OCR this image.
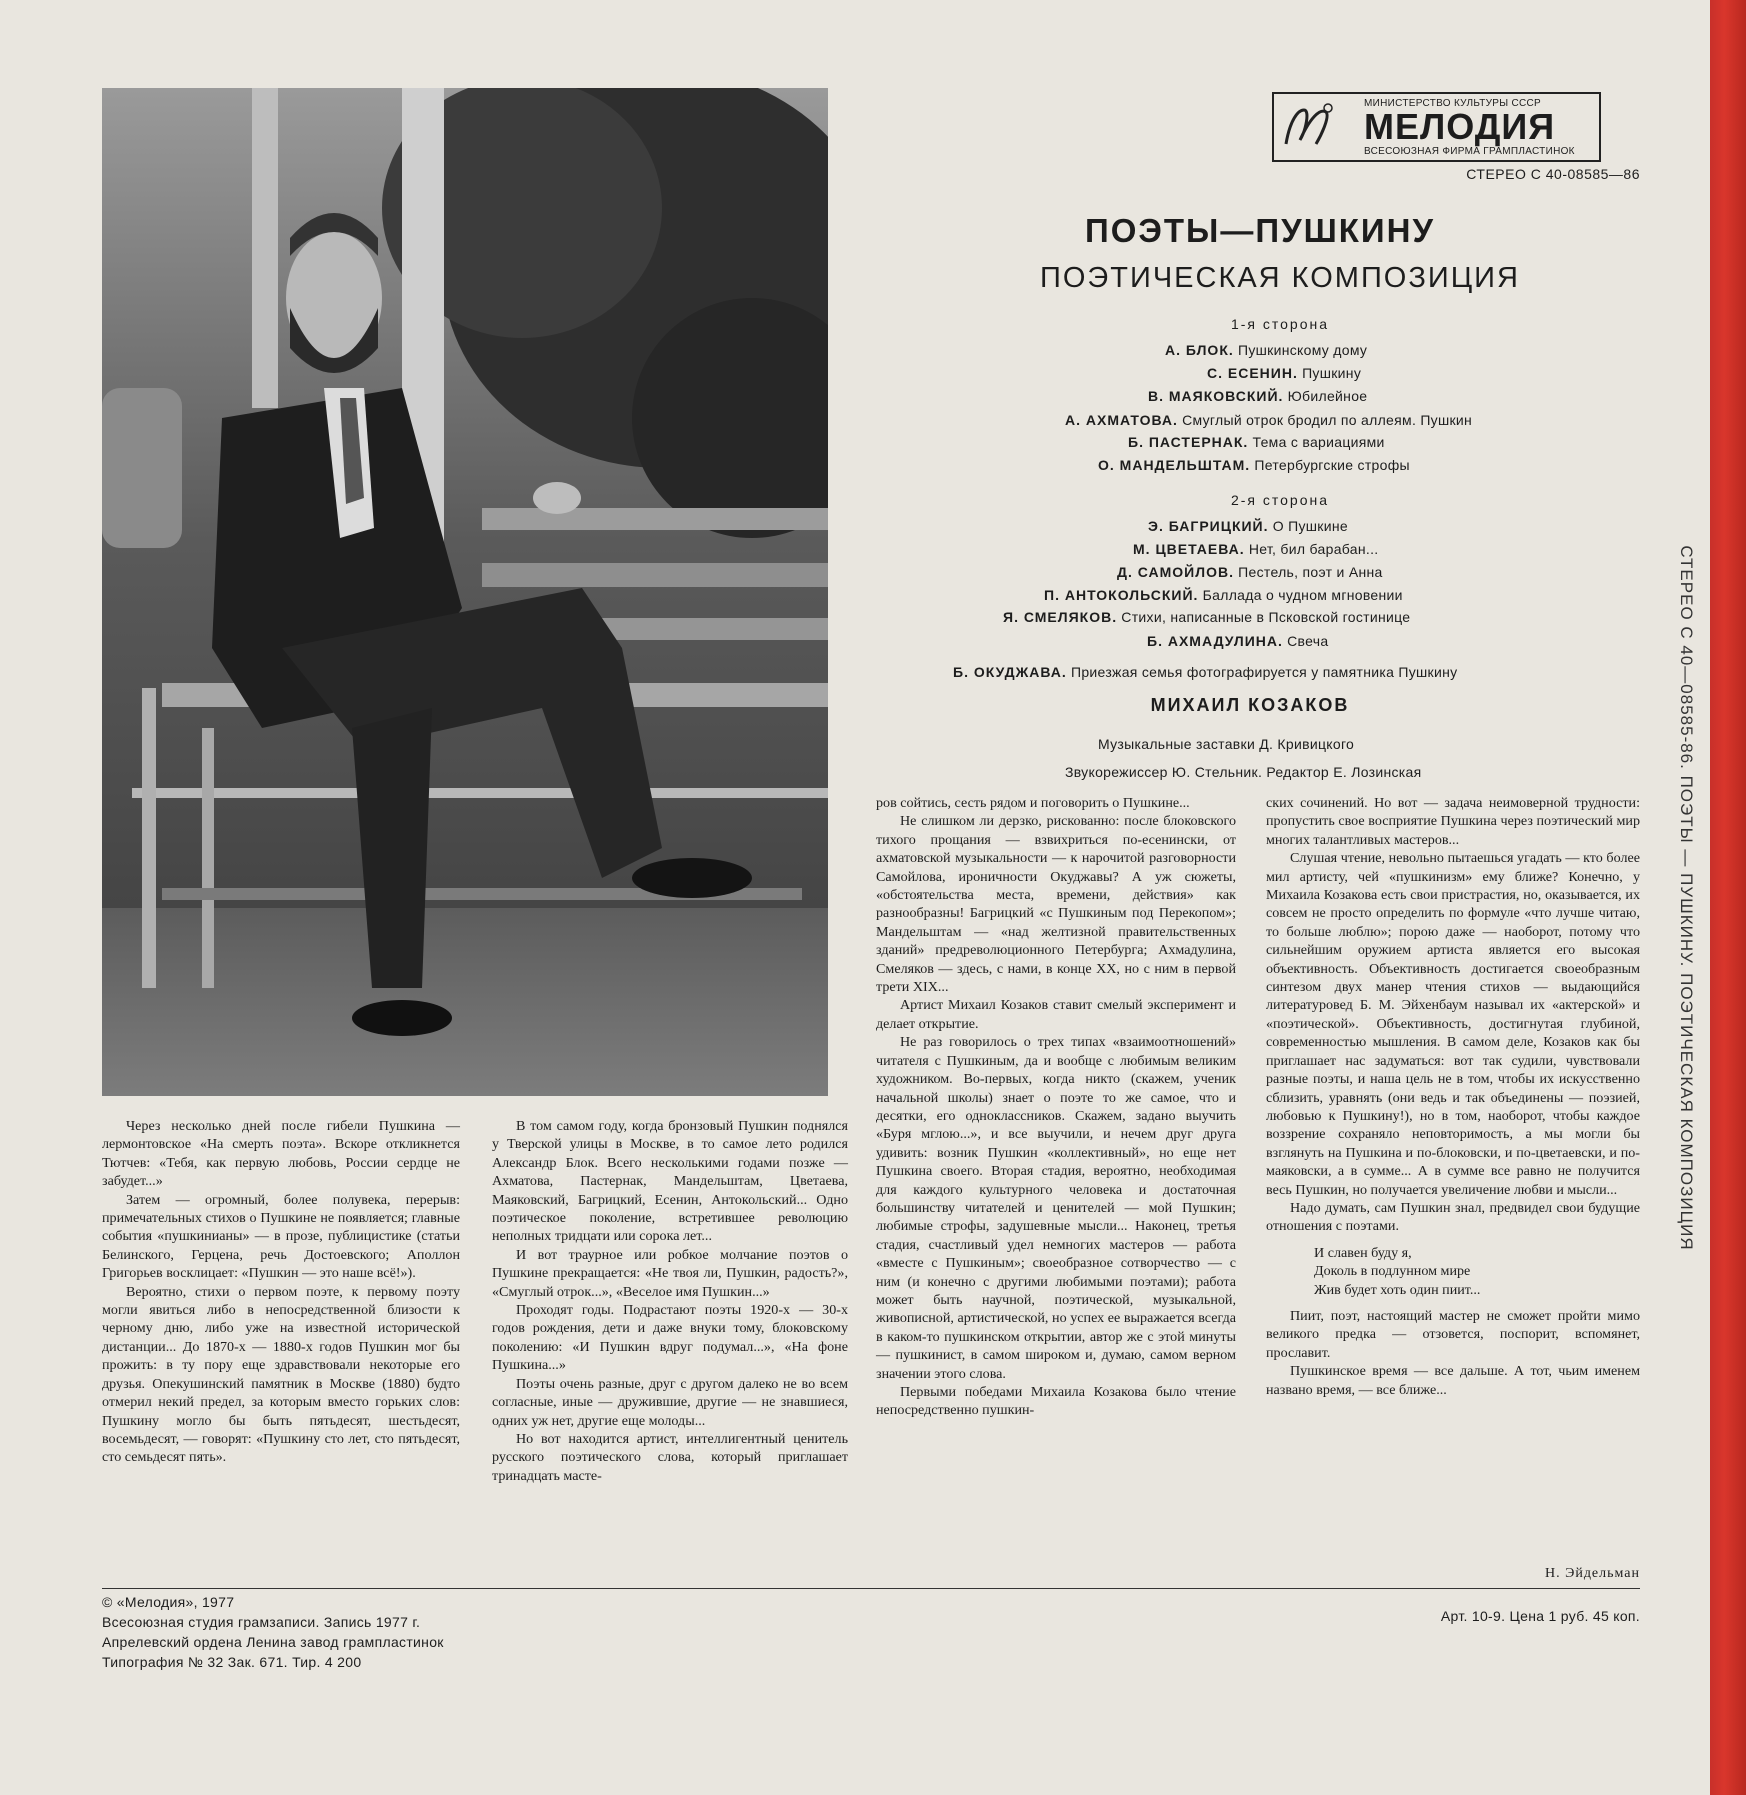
МИНИСТЕРСТВО КУЛЬТУРЫ СССР
МЕЛОДИЯ
ВСЕСОЮЗНАЯ ФИРМА ГРАМПЛАСТИНОК
СТЕРЕО С 40-08585—86
ПОЭТЫ—ПУШКИНУ
ПОЭТИЧЕСКАЯ КОМПОЗИЦИЯ
1-я сторона
А. БЛОК. Пушкинскому дому
С. ЕСЕНИН. Пушкину
В. МАЯКОВСКИЙ. Юбилейное
А. АХМАТОВА. Смуглый отрок бродил по аллеям. Пушкин
Б. ПАСТЕРНАК. Тема с вариациями
О. МАНДЕЛЬШТАМ. Петербургские строфы
2-я сторона
Э. БАГРИЦКИЙ. О Пушкине
М. ЦВЕТАЕВА. Нет, бил барабан...
Д. САМОЙЛОВ. Пестель, поэт и Анна
П. АНТОКОЛЬСКИЙ. Баллада о чудном мгновении
Я. СМЕЛЯКОВ. Стихи, написанные в Псковской гостинице
Б. АХМАДУЛИНА. Свеча
Б. ОКУДЖАВА. Приезжая семья фотографируется у памятника Пушкину
МИХАИЛ КОЗАКОВ
Музыкальные заставки Д. Кривицкого
Звукорежиссер Ю. Стельник. Редактор Е. Лозинская

Через несколько дней после гибели Пушкина — лермонтовское «На смерть поэта». Вскоре откликнется Тютчев: «Тебя, как первую любовь, России сердце не забудет...»

Затем — огромный, более полувека, перерыв: примечательных стихов о Пушкине не появляется; главные события «пушкинианы» — в прозе, публицистике (статьи Белинского, Герцена, речь Достоевского; Аполлон Григорьев восклицает: «Пушкин — это наше всё!»).

Вероятно, стихи о первом поэте, к первому поэту могли явиться либо в непосредственной близости к черному дню, либо уже на известной исторической дистанции... До 1870-х — 1880-х годов Пушкин мог бы прожить: в ту пору еще здравствовали некоторые его друзья. Опекушинский памятник в Москве (1880) будто отмерил некий предел, за которым вместо горьких слов: Пушкину могло бы быть пятьдесят, шестьдесят, восемьдесят, — говорят: «Пушкину сто лет, сто пятьдесят, сто семьдесят пять».

В том самом году, когда бронзовый Пушкин поднялся у Тверской улицы в Москве, в то самое лето родился Александр Блок. Всего несколькими годами позже — Ахматова, Пастернак, Мандельштам, Цветаева, Маяковский, Багрицкий, Есенин, Антокольский... Одно поэтическое поколение, встретившее революцию неполных тридцати или сорока лет...

И вот траурное или робкое молчание поэтов о Пушкине прекращается: «Не твоя ли, Пушкин, радость?», «Смуглый отрок...», «Веселое имя Пушкин...»

Проходят годы. Подрастают поэты 1920-х — 30-х годов рождения, дети и даже внуки тому, блоковскому поколению: «И Пушкин вдруг подумал...», «На фоне Пушкина...»

Поэты очень разные, друг с другом далеко не во всем согласные, иные — дружившие, другие — не знавшиеся, одних уж нет, другие еще молоды...

Но вот находится артист, интеллигентный ценитель русского поэтического слова, который приглашает тринадцать масте-

ров сойтись, сесть рядом и поговорить о Пушкине...

Не слишком ли дерзко, рискованно: после блоковского тихого прощания — взвихриться по-есенински, от ахматовской музыкальности — к нарочитой разговорности Самойлова, ироничности Окуджавы? А уж сюжеты, «обстоятельства места, времени, действия» как разнообразны! Багрицкий «с Пушкиным под Перекопом»; Мандельштам — «над желтизной правительственных зданий» предреволюционного Петербурга; Ахмадулина, Смеляков — здесь, с нами, в конце XX, но с ним в первой трети XIX...

Артист Михаил Козаков ставит смелый эксперимент и делает открытие.

Не раз говорилось о трех типах «взаимоотношений» читателя с Пушкиным, да и вообще с любимым великим художником. Во-первых, когда никто (скажем, ученик начальной школы) знает о поэте то же самое, что и десятки, его одноклассников. Скажем, задано выучить «Буря мглою...», и все выучили, и нечем друг друга удивить: возник Пушкин «коллективный», но еще нет Пушкина своего. Вторая стадия, вероятно, необходимая для каждого культурного человека и достаточная большинству читателей и ценителей — мой Пушкин; любимые строфы, задушевные мысли... Наконец, третья стадия, счастливый удел немногих мастеров — работа «вместе с Пушкиным»; своеобразное сотворчество — с ним (и конечно с другими любимыми поэтами); работа может быть научной, поэтической, музыкальной, живописной, артистической, но успех ее выражается всегда в каком-то пушкинском открытии, автор же с этой минуты — пушкинист, в самом широком и, думаю, самом верном значении этого слова.

Первыми победами Михаила Козакова было чтение непосредственно пушкин-

ских сочинений. Но вот — задача неимоверной трудности: пропустить свое восприятие Пушкина через поэтический мир многих талантливых мастеров...

Слушая чтение, невольно пытаешься угадать — кто более мил артисту, чей «пушкинизм» ему ближе? Конечно, у Михаила Козакова есть свои пристрастия, но, оказывается, их совсем не просто определить по формуле «что лучше читаю, то больше люблю»; порою даже — наоборот, потому что сильнейшим оружием артиста является его высокая объективность. Объективность достигается своеобразным синтезом двух манер чтения стихов — выдающийся литературовед Б. М. Эйхенбаум называл их «актерской» и «поэтической». Объективность, достигнутая глубиной, современностью мышления. В самом деле, Козаков как бы приглашает нас задуматься: вот так судили, чувствовали разные поэты, и наша цель не в том, чтобы их искусственно сблизить, уравнять (они ведь и так объединены — поэзией, любовью к Пушкину!), но в том, наоборот, чтобы каждое воззрение сохраняло неповторимость, а мы могли бы взглянуть на Пушкина и по-блоковски, и по-цветаевски, и по-маяковски, а в сумме... А в сумме все равно не получится весь Пушкин, но получается увеличение любви и мысли...

Надо думать, сам Пушкин знал, предвидел свои будущие отношения с поэтами.

И славен буду я,

Доколь в подлунном мире

Жив будет хоть один пиит...

Пиит, поэт, настоящий мастер не сможет пройти мимо великого предка — отзовется, поспорит, вспомянет, прославит.

Пушкинское время — все дальше. А тот, чьим именем названо время, — все ближе...

Н. Эйдельман
© «Мелодия», 1977
Всесоюзная студия грамзаписи. Запись 1977 г.
Апрелевский ордена Ленина завод грампластинок
Типография № 32 Зак. 671. Тир. 4 200
Арт. 10-9. Цена 1 руб. 45 коп.
СТЕРЕО С 40—08585-86. ПОЭТЫ — ПУШКИНУ. ПОЭТИЧЕСКАЯ КОМПОЗИЦИЯ
